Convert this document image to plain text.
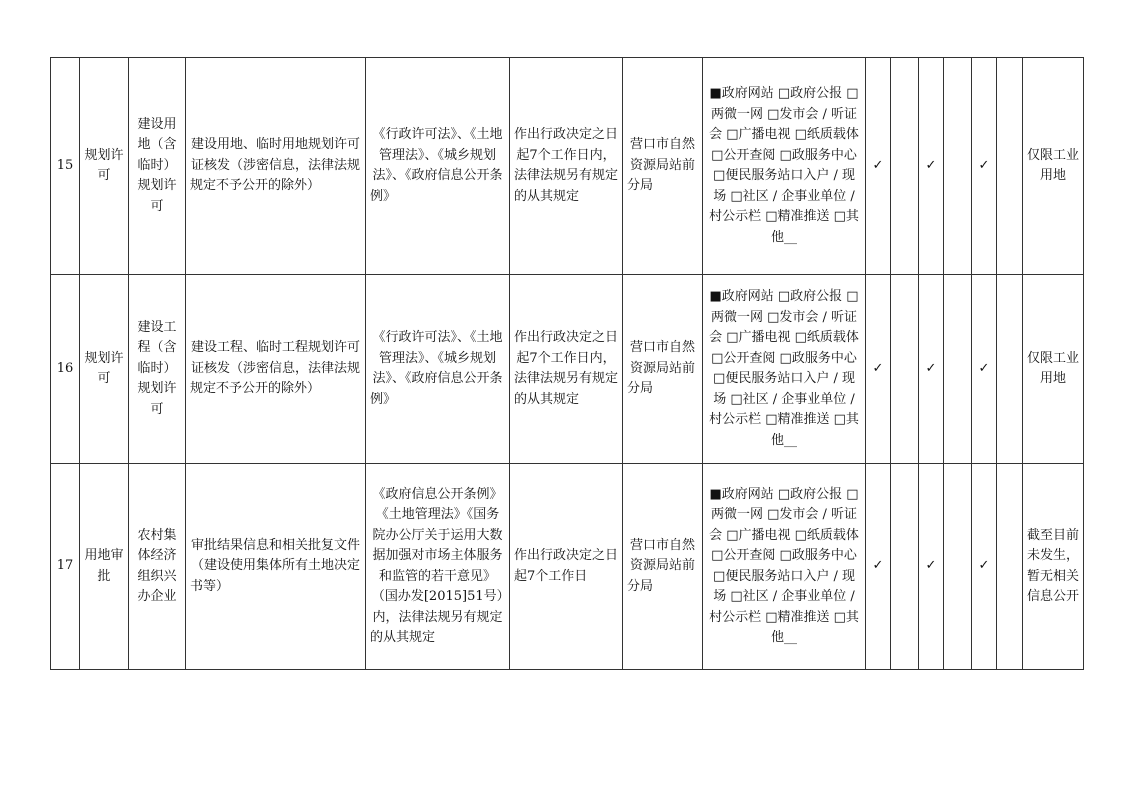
15	规划许可	建设用地（含临时）规划许可	建设用地、临时用地规划许可证核发（涉密信息，法律法规规定不予公开的除外）	《行政许可法》、《土地管理法》、《城乡规划法》、《政府信息公开条例》	作出行政决定之日起7个工作日内，法律法规另有规定的从其规定	营口市自然资源局站前分局	■政府网站 □政府公报 □两微一网 □发市会 / 听证会 □广播电视 □纸质载体 □公开查阅 □政服务中心 □便民服务站口入户 / 现场 □社区 / 企事业单位 / 村公示栏 □精准推送 □其他__	✓		✓		✓		仅限工业用地
16	规划许可	建设工程（含临时）规划许可	建设工程、临时工程规划许可证核发（涉密信息，法律法规规定不予公开的除外）	《行政许可法》、《土地管理法》、《城乡规划法》、《政府信息公开条例》	作出行政决定之日起7个工作日内，法律法规另有规定的从其规定	营口市自然资源局站前分局	■政府网站 □政府公报 □两微一网 □发市会 / 听证会 □广播电视 □纸质载体 □公开查阅 □政服务中心 □便民服务站口入户 / 现场 □社区 / 企事业单位 / 村公示栏 □精准推送 □其他__	✓		✓		✓		仅限工业用地
17	用地审批	农村集体经济组织兴办企业	审批结果信息和相关批复文件（建设使用集体所有土地决定书等）	《政府信息公开条例》《土地管理法》《国务院办公厅关于运用大数据加强对市场主体服务和监管的若干意见》（国办发[2015]51号）内，法律法规另有规定的从其规定	作出行政决定之日起7个工作日	营口市自然资源局站前分局	■政府网站 □政府公报 □两微一网 □发市会 / 听证会 □广播电视 □纸质载体 □公开查阅 □政服务中心 □便民服务站口入户 / 现场 □社区 / 企事业单位 / 村公示栏 □精准推送 □其他__	✓		✓		✓		截至目前未发生，暂无相关信息公开
